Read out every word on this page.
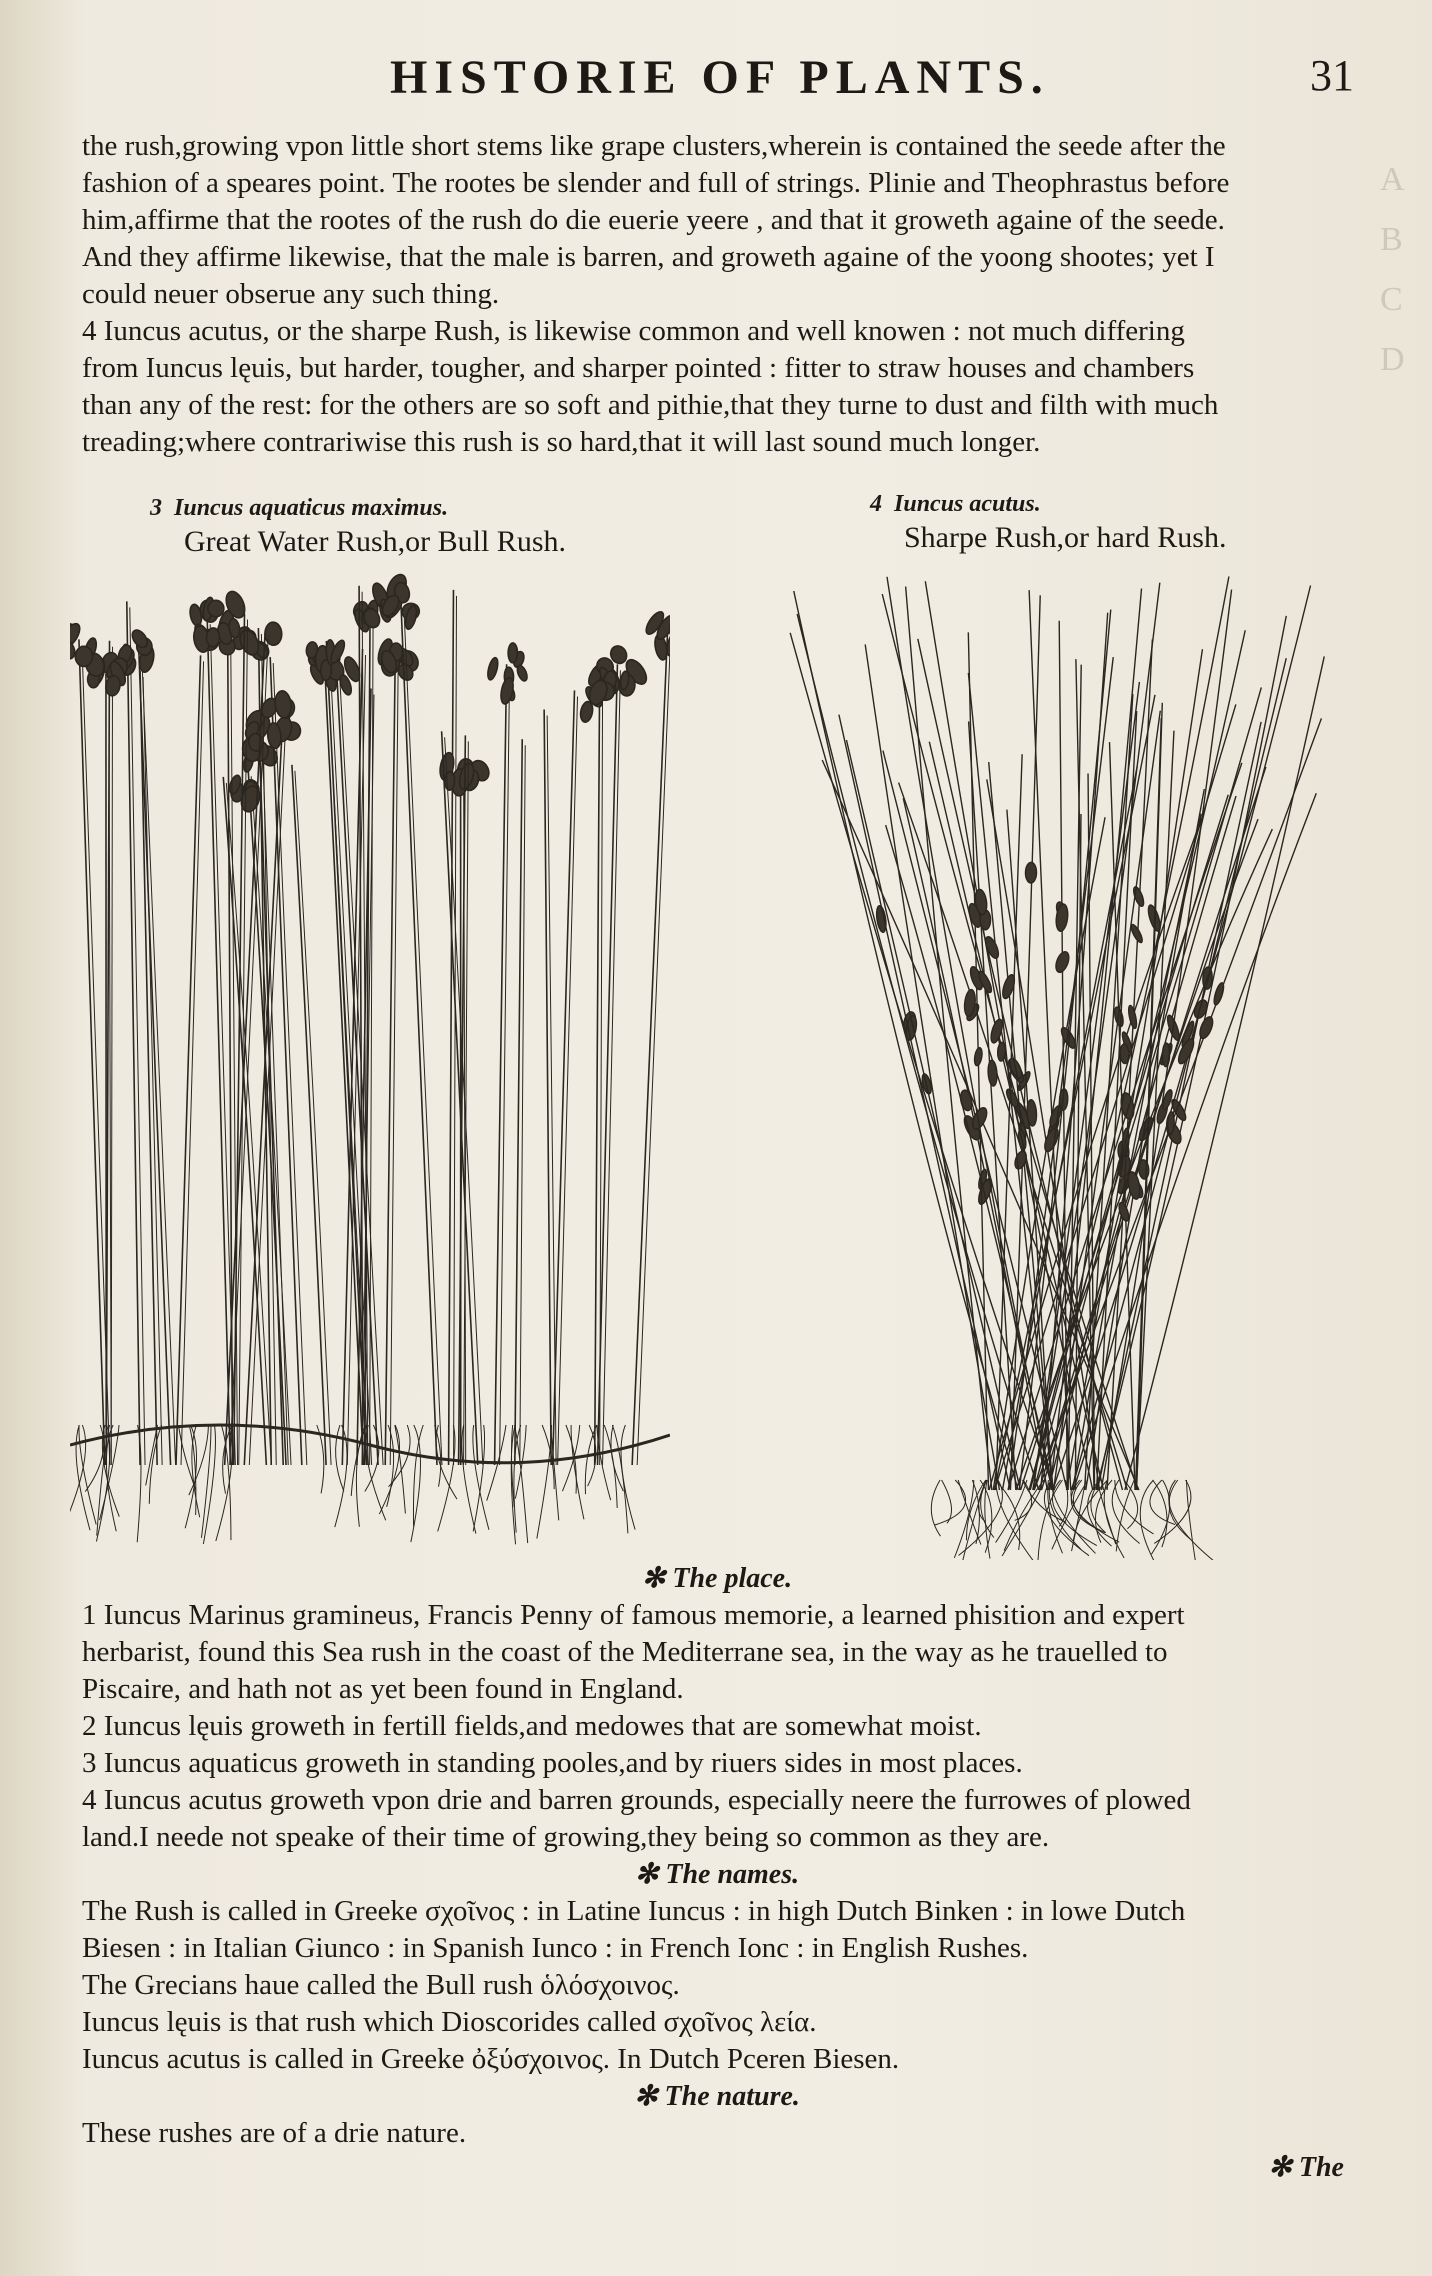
A
B
C
D
HISTORIE OF PLANTS.	31
the rush,growing vpon little short stems like grape clusters,wherein is contained the seede after the
fashion of a speares point. The rootes be slender and full of strings. Plinie and Theophrastus before
him,affirme that the rootes of the rush do die euerie yeere , and that it groweth againe of the seede.
And they affirme likewise, that the male is barren, and groweth againe of the yoong shootes; yet I
could neuer obserue any such thing.
4 Iuncus acutus, or the sharpe Rush, is likewise common and well knowen : not much differing
from Iuncus lęuis, but harder, tougher, and sharper pointed : fitter to straw houses and chambers
than any of the rest: for the others are so soft and pithie,that they turne to dust and filth with much
treading;where contrariwise this rush is so hard,that it will last sound much longer.
3 Iuncus aquaticus maximus.
Great Water Rush,or Bull Rush.
4 Iuncus acutus.
Sharpe Rush,or hard Rush.
✻ The place.
1 Iuncus Marinus gramineus, Francis Penny of famous memorie, a learned phisition and expert
herbarist, found this Sea rush in the coast of the Mediterrane sea, in the way as he trauelled to
Piscaire, and hath not as yet been found in England.
2 Iuncus lęuis groweth in fertill fields,and medowes that are somewhat moist.
3 Iuncus aquaticus groweth in standing pooles,and by riuers sides in most places.
4 Iuncus acutus groweth vpon drie and barren grounds, especially neere the furrowes of plowed
land.I neede not speake of their time of growing,they being so common as they are.
✻ The names.
The Rush is called in Greeke σχοῖνος : in Latine Iuncus : in high Dutch Binken : in lowe Dutch
Biesen : in Italian Giunco : in Spanish Iunco : in French Ionc : in English Rushes.
The Grecians haue called the Bull rush ὁλόσχοινος.
Iuncus lęuis is that rush which Dioscorides called σχοῖνος λεία.
Iuncus acutus is called in Greeke ὀξύσχοινος. In Dutch Pceren Biesen.
✻ The nature.
These rushes are of a drie nature.
✻ The
